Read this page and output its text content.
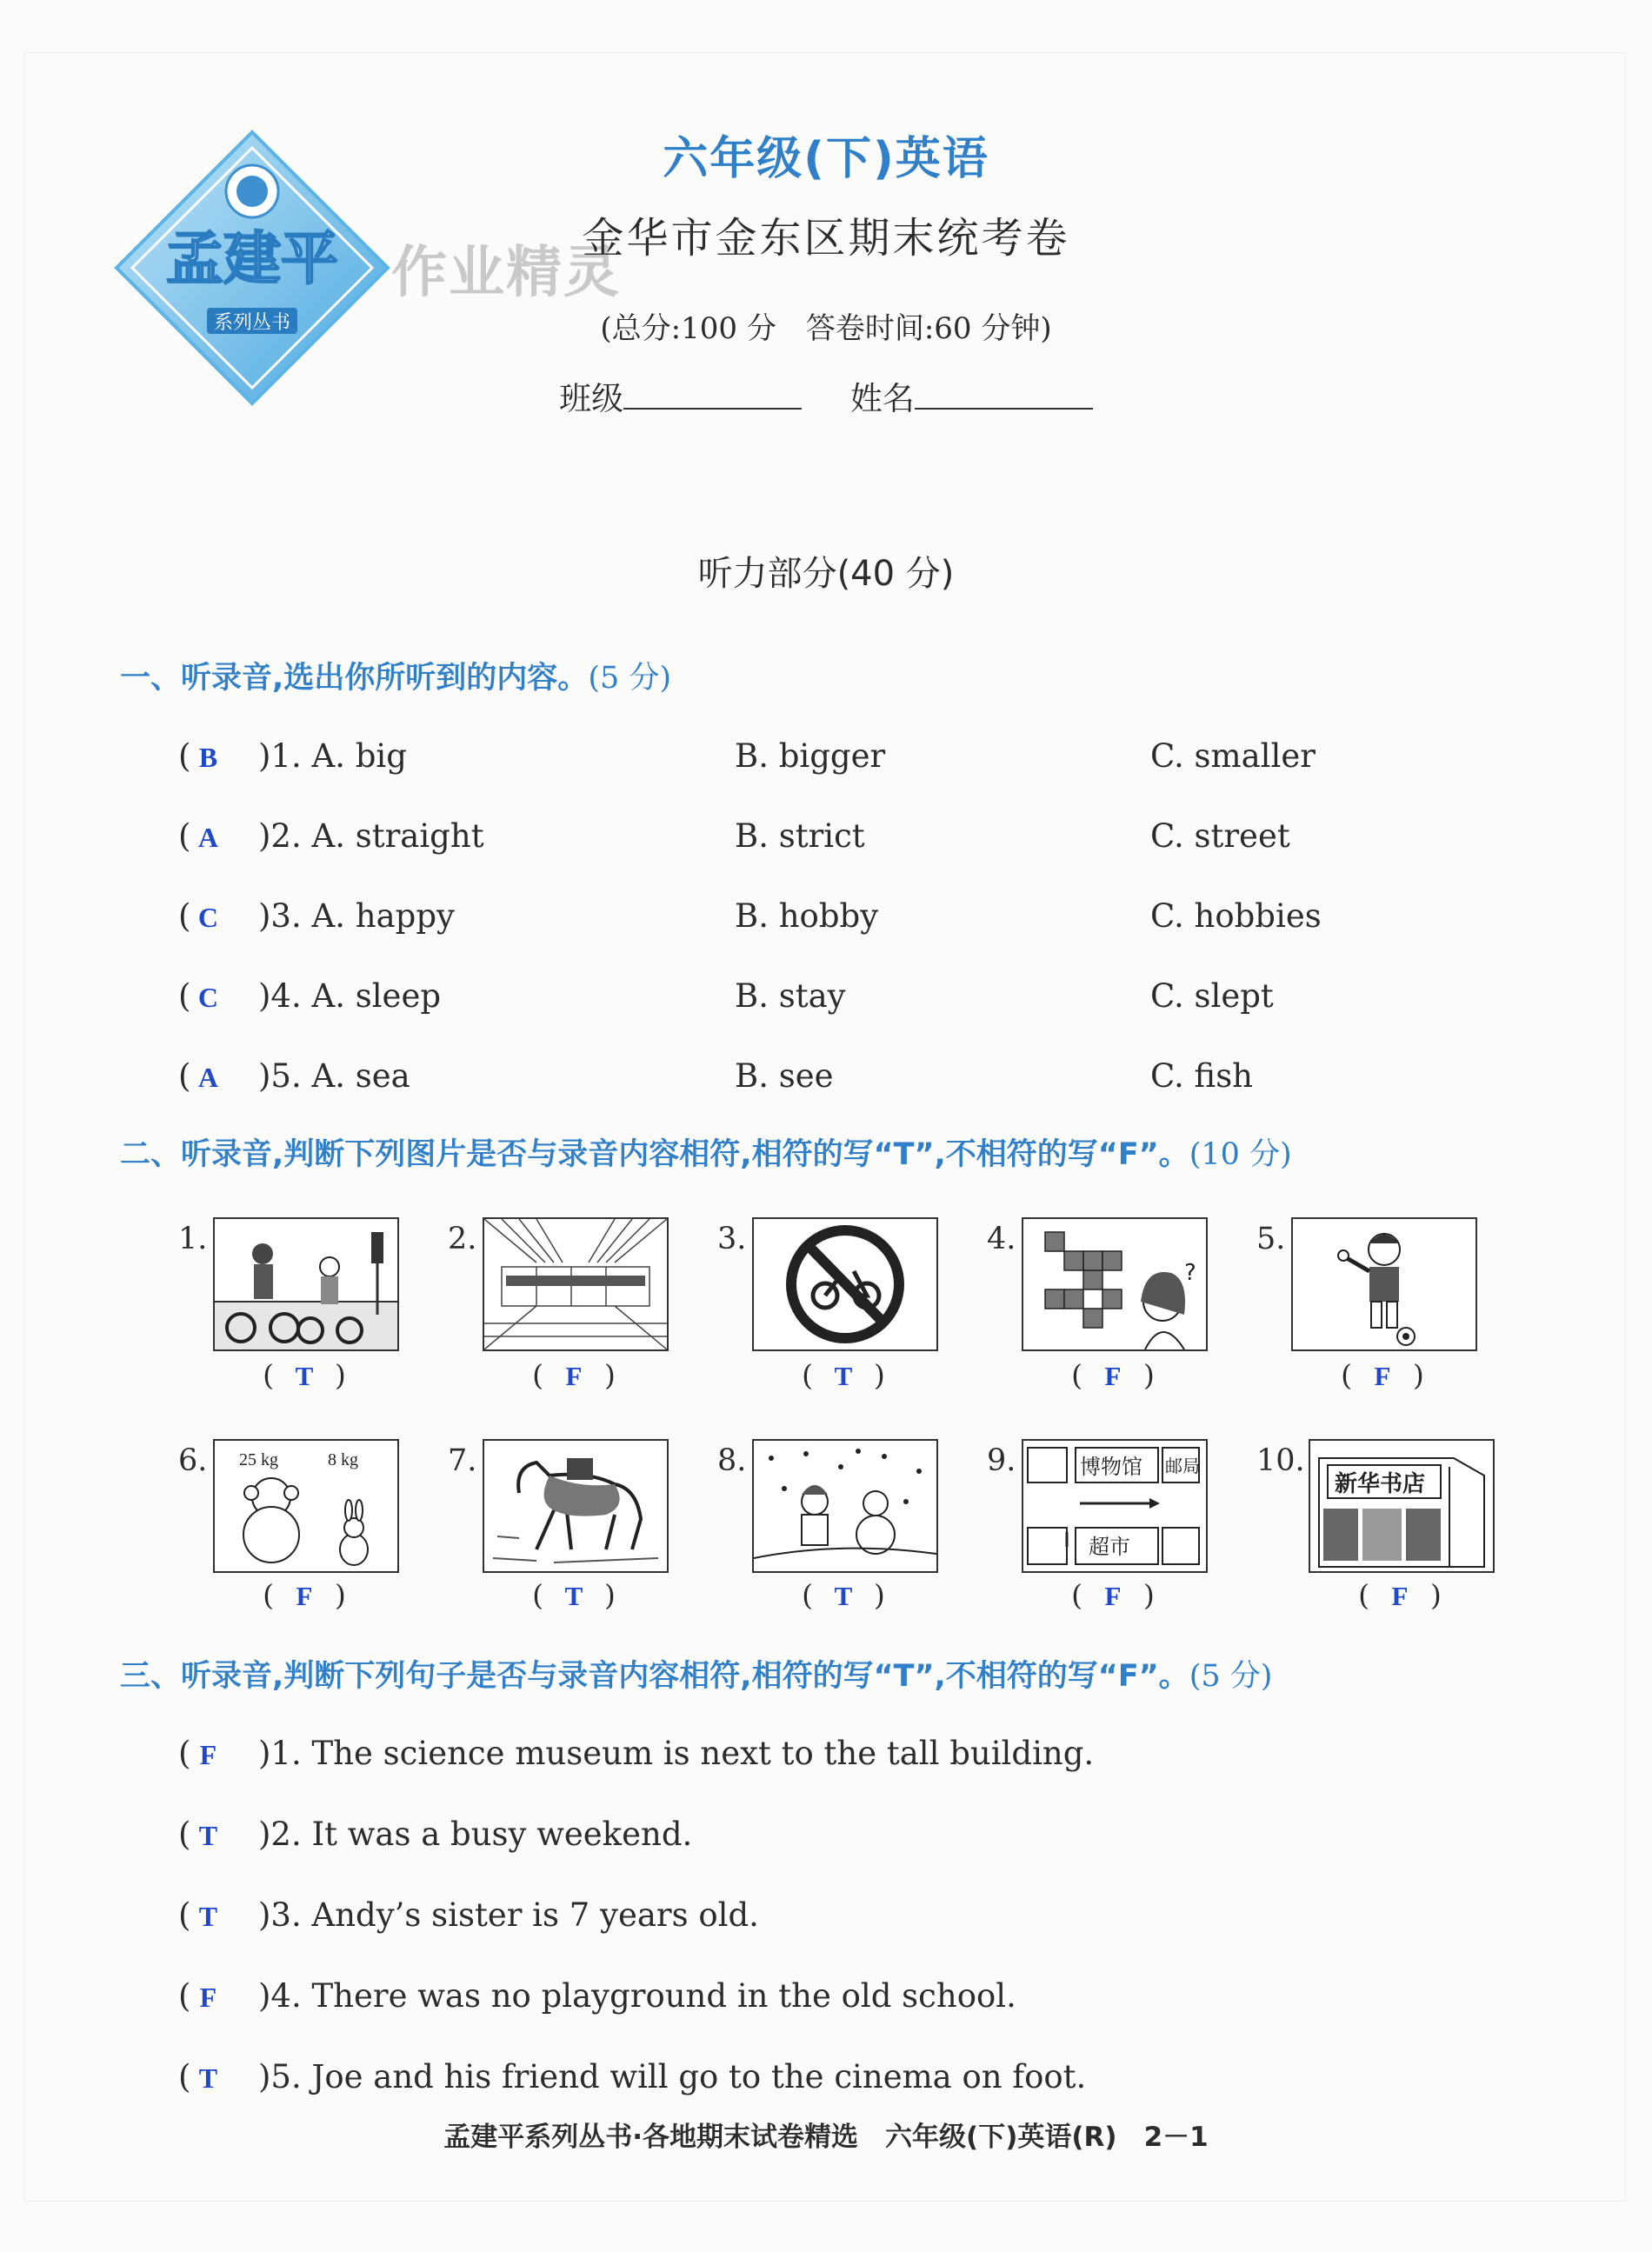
孟建平
系列丛书
作业精灵
六年级(下)英语
金华市金东区期末统考卷
(总分:100 分　答卷时间:60 分钟)
班级	姓名
听力部分(40 分)
一、听录音,选出你所听到的内容。(5 分)
( B )1. A. big	B. bigger	C. smaller
( A )2. A. straight	B. strict	C. street
( C )3. A. happy	B. hobby	C. hobbies
( C )4. A. sleep	B. stay	C. slept
( A )5. A. sea	B. see	C. fish
二、听录音,判断下列图片是否与录音内容相符,相符的写“T”,不相符的写“F”。(10 分)
1.
( T )
2.
( F )
3.
( T )
4.
?
( F )
5.
( F )
6. 25 kg	8 kg
( F )
7.
( T )
8.
( T )
9.	博物馆 邮局
超市
( F )
10.
新华书店
( F )
三、听录音,判断下列句子是否与录音内容相符,相符的写“T”,不相符的写“F”。(5 分)
( F )1. The science museum is next to the tall building.
( T )2. It was a busy weekend.
( T )3. Andy’s sister is 7 years old.
( F )4. There was no playground in the old school.
( T )5. Joe and his friend will go to the cinema on foot.
孟建平系列丛书·各地期末试卷精选　六年级(下)英语(R)　2－1
